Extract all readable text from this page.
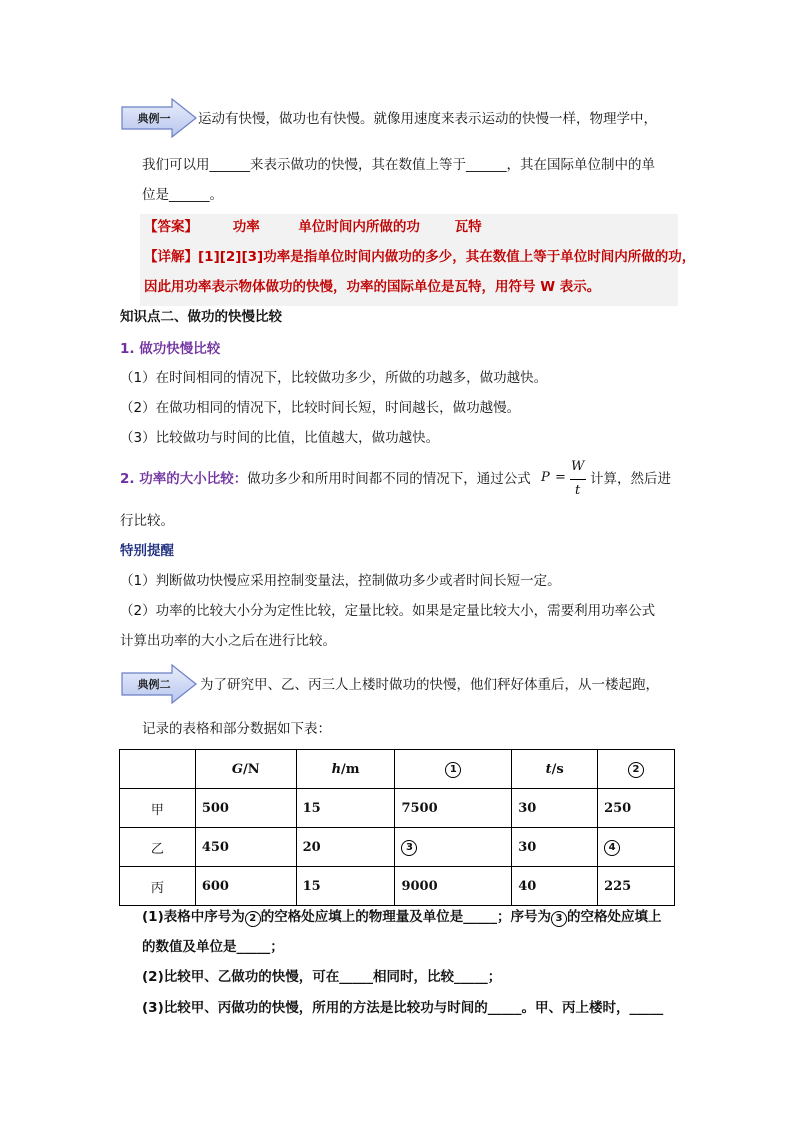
典例一	运动有快慢，做功也有快慢。就像用速度来表示运动的快慢一样，物理学中，
我们可以用______来表示做功的快慢，其在数值上等于______，其在国际单位制中的单
位是______。
【答案】	功率	单位时间内所做的功	瓦特
【详解】[1][2][3]功率是指单位时间内做功的多少，其在数值上等于单位时间内所做的功，
因此用功率表示物体做功的快慢，功率的国际单位是瓦特，用符号 W 表示。
知识点二、做功的快慢比较
1. 做功快慢比较
（1）在时间相同的情况下，比较做功多少，所做的功越多，做功越快。
（2）在做功相同的情况下，比较时间长短，时间越长，做功越慢。
（3）比较做功与时间的比值，比值越大，做功越快。
2. 功率的大小比较：做功多少和所用时间都不同的情况下，通过公式 P =
W
t
计算，然后进
行比较。
特别提醒
（1）判断做功快慢应采用控制变量法，控制做功多少或者时间长短一定。
（2）功率的比较大小分为定性比较，定量比较。如果是定量比较大小，需要利用功率公式
计算出功率的大小之后在进行比较。
典例二	为了研究甲、乙、丙三人上楼时做功的快慢，他们秤好体重后，从一楼起跑，
记录的表格和部分数据如下表：
	G/N	h/m	1	t/s	2
甲	500	15	7500	30	250
乙	450	20	3	30	4
丙	600	15	9000	40	225
(1)表格中序号为 2 的空格处应填上的物理量及单位是_____；序号为 3 的空格处应填上
的数值及单位是_____；
(2)比较甲、乙做功的快慢，可在_____相同时，比较_____；
(3)比较甲、丙做功的快慢，所用的方法是比较功与时间的_____。甲、丙上楼时，_____
